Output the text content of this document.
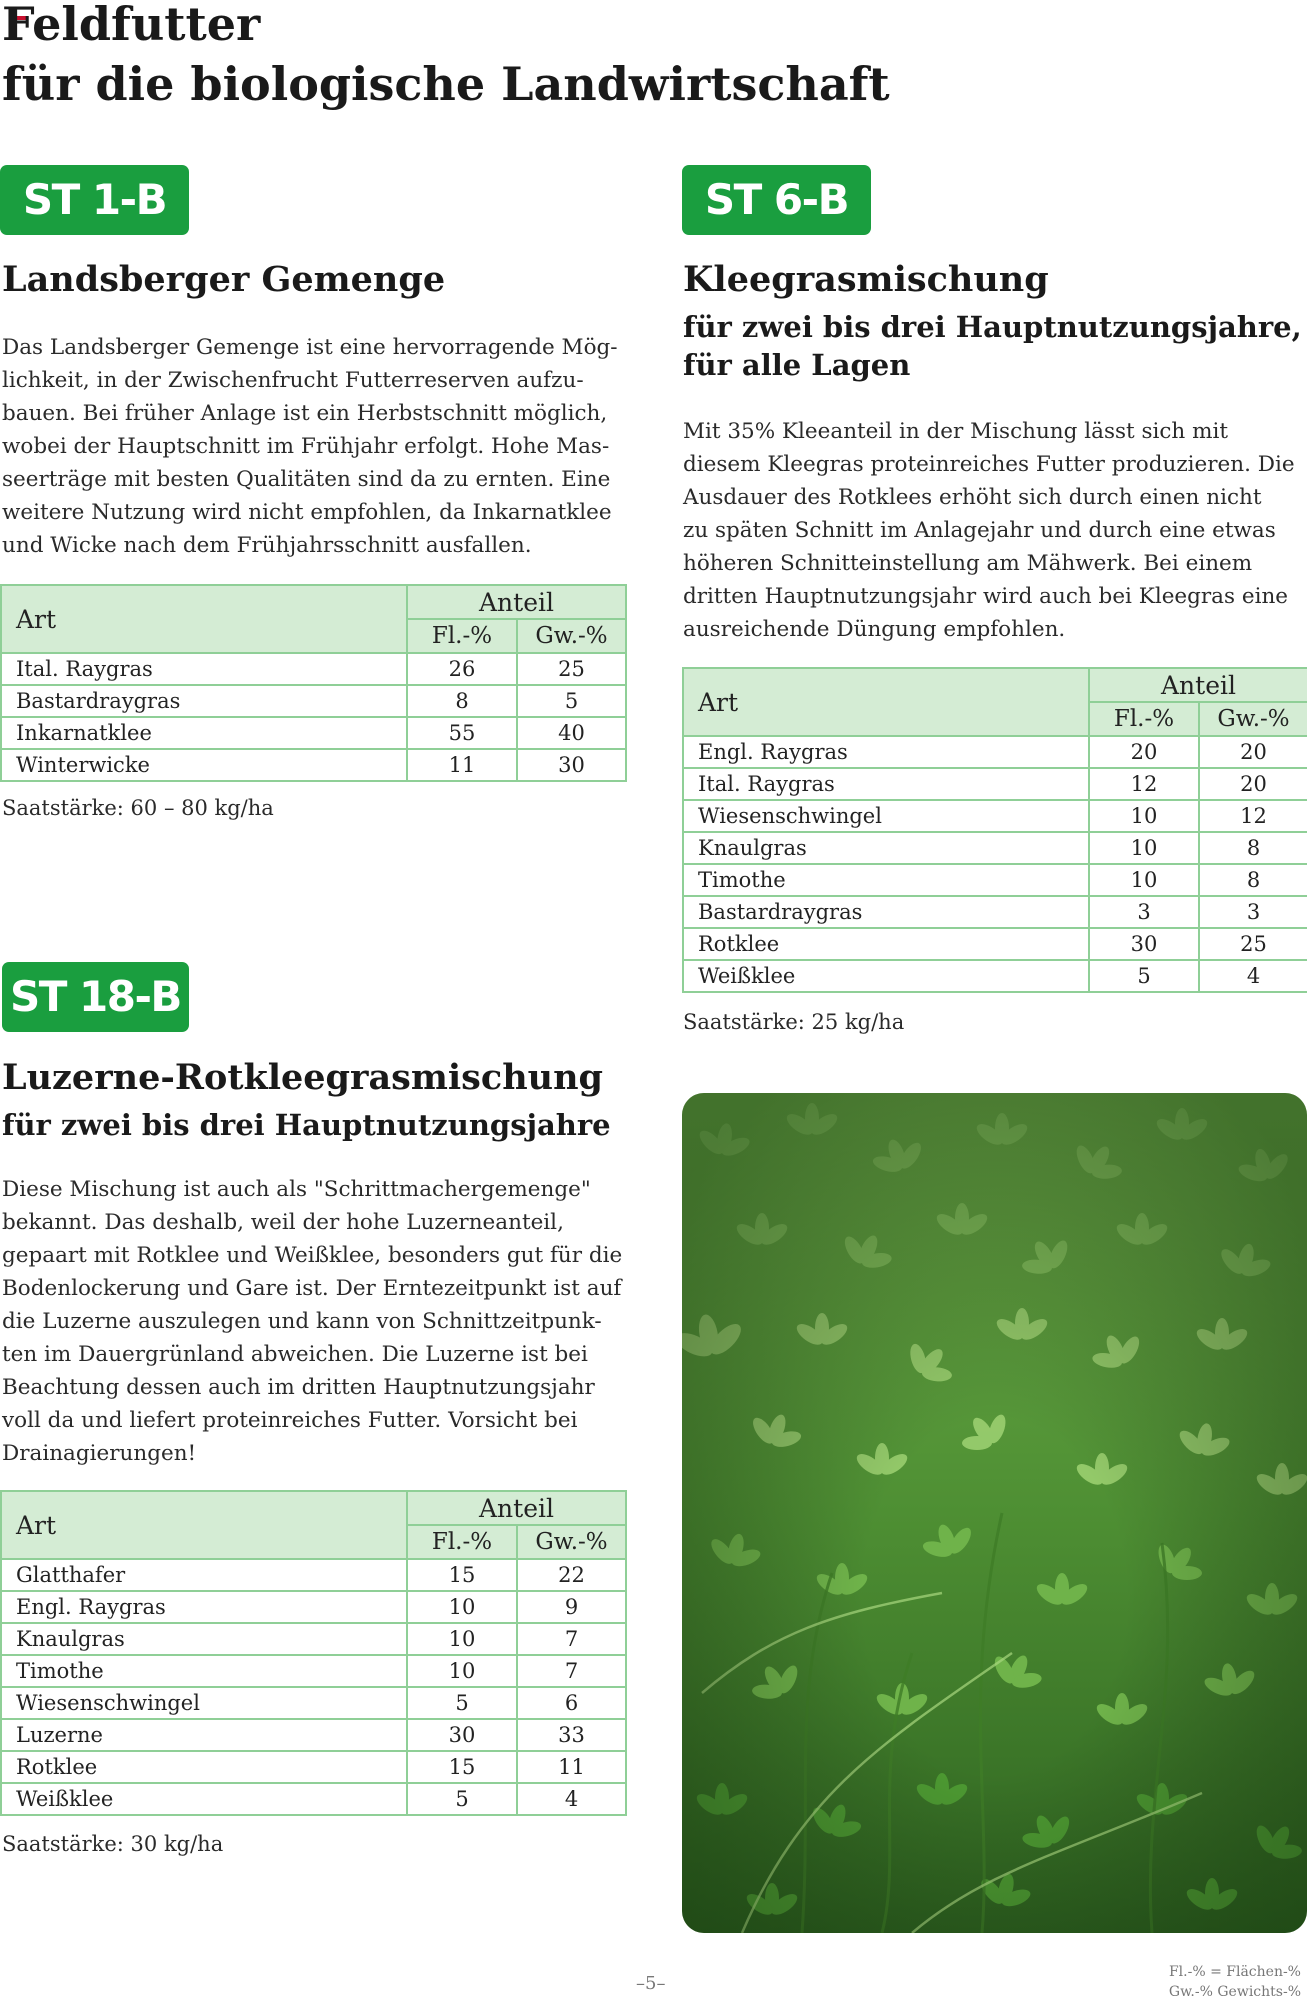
Feldfutter
für die biologische Landwirtschaft
ST 1-B
Landsberger Gemenge

Das Landsberger Gemenge ist eine hervorragende Mög-
lichkeit, in der Zwischenfrucht Futterreserven aufzu-
bauen. Bei früher Anlage ist ein Herbstschnitt möglich,
wobei der Hauptschnitt im Frühjahr erfolgt. Hohe Mas-
seerträge mit besten Qualitäten sind da zu ernten. Eine
weitere Nutzung wird nicht empfohlen, da Inkarnatklee
und Wicke nach dem Frühjahrsschnitt ausfallen.

Art	Anteil	
	Fl.-%	Gw.-%
Ital. Raygras	26	25
Bastardraygras	8	5
Inkarnatklee	55	40
Winterwicke	11	30

Saatstärke: 60 – 80 kg/ha

ST 6-B
Kleegrasmischung

für zwei bis drei Hauptnutzungsjahre,
für alle Lagen

Mit 35% Kleeanteil in der Mischung lässt sich mit
diesem Kleegras proteinreiches Futter produzieren. Die
Ausdauer des Rotklees erhöht sich durch einen nicht
zu späten Schnitt im Anlagejahr und durch eine etwas
höheren Schnitteinstellung am Mähwerk. Bei einem
dritten Hauptnutzungsjahr wird auch bei Kleegras eine
ausreichende Düngung empfohlen.

Art	Anteil	
	Fl.-%	Gw.-%
Engl. Raygras	20	20
Ital. Raygras	12	20
Wiesenschwingel	10	12
Knaulgras	10	8
Timothe	10	8
Bastardraygras	3	3
Rotklee	30	25
Weißklee	5	4

Saatstärke: 25 kg/ha

ST 18-B
Luzerne-Rotkleegrasmischung

für zwei bis drei Hauptnutzungsjahre

Diese Mischung ist auch als "Schrittmachergemenge"
bekannt. Das deshalb, weil der hohe Luzerneanteil,
gepaart mit Rotklee und Weißklee, besonders gut für die
Bodenlockerung und Gare ist. Der Erntezeitpunkt ist auf
die Luzerne auszulegen und kann von Schnittzeitpunk-
ten im Dauergrünland abweichen. Die Luzerne ist bei
Beachtung dessen auch im dritten Hauptnutzungsjahr
voll da und liefert proteinreiches Futter. Vorsicht bei
Drainagierungen!

Art	Anteil	
	Fl.-%	Gw.-%
Glatthafer	15	22
Engl. Raygras	10	9
Knaulgras	10	7
Timothe	10	7
Wiesenschwingel	5	6
Luzerne	30	33
Rotklee	15	11
Weißklee	5	4

Saatstärke: 30 kg/ha

–5–
Fl.-% = Flächen-%
Gw.-% Gewichts-%
